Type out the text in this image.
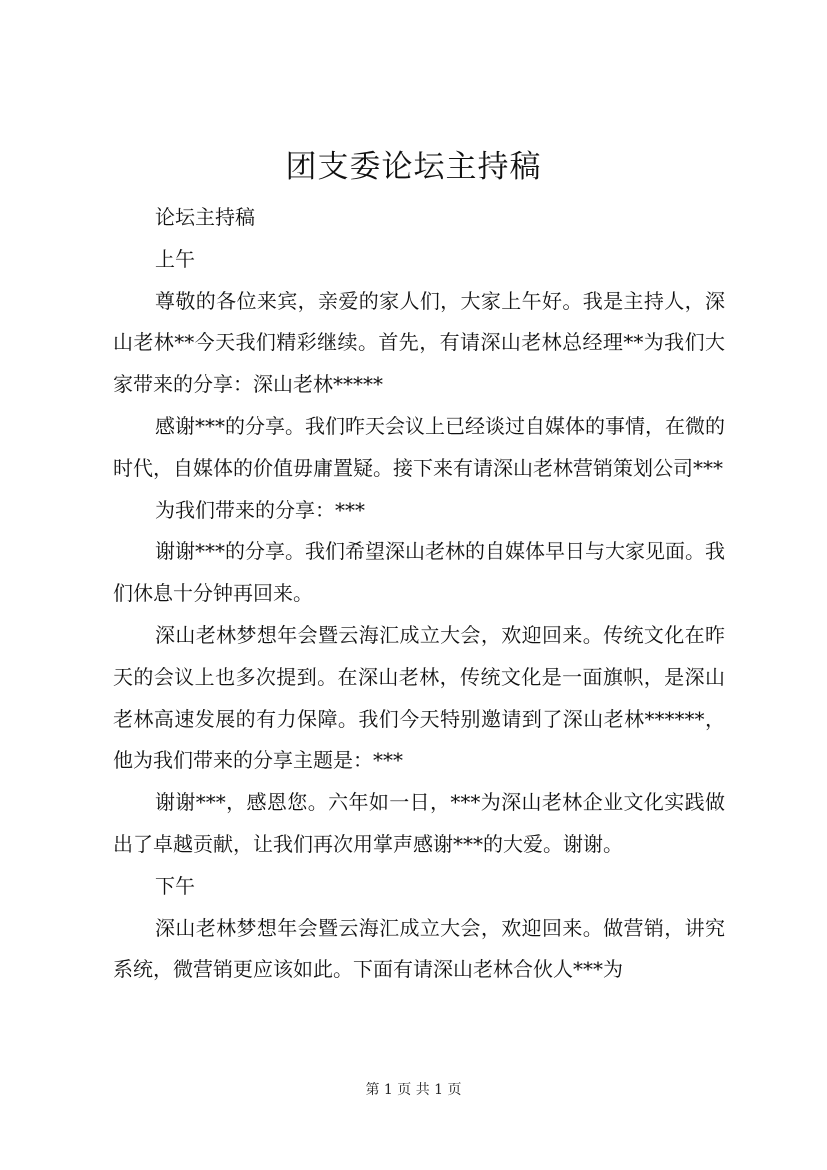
团支委论坛主持稿

论坛主持稿

上午

尊敬的各位来宾，亲爱的家人们，大家上午好。我是主持人，深山老林**今天我们精彩继续。首先，有请深山老林总经理**为我们大家带来的分享：深山老林*****

感谢***的分享。我们昨天会议上已经谈过自媒体的事情，在微的时代，自媒体的价值毋庸置疑。接下来有请深山老林营销策划公司***

为我们带来的分享：***

谢谢***的分享。我们希望深山老林的自媒体早日与大家见面。我们休息十分钟再回来。

深山老林梦想年会暨云海汇成立大会，欢迎回来。传统文化在昨天的会议上也多次提到。在深山老林，传统文化是一面旗帜，是深山老林高速发展的有力保障。我们今天特别邀请到了深山老林******，他为我们带来的分享主题是：***

谢谢***，感恩您。六年如一日，***为深山老林企业文化实践做出了卓越贡献，让我们再次用掌声感谢***的大爱。谢谢。

下午

深山老林梦想年会暨云海汇成立大会，欢迎回来。做营销，讲究系统，微营销更应该如此。下面有请深山老林合伙人***为

第 1 页 共 1 页
